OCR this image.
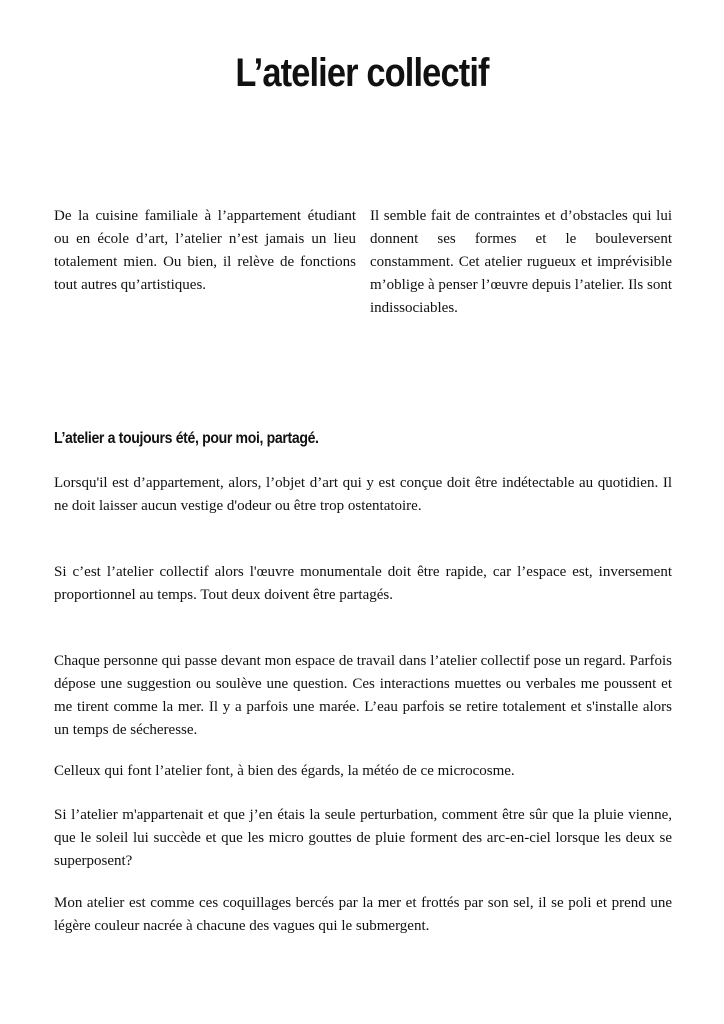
L’atelier collectif

De la cuisine familiale à l’appartement étudiant ou en école d’art, l’atelier n’est jamais un lieu totalement mien. Ou bien, il relève de fonctions tout autres qu’artistiques.

Il semble fait de contraintes et d’obstacles qui lui donnent ses formes et le bouleversent constamment. Cet atelier rugueux et imprévisible m’oblige à penser l’œuvre depuis l’atelier. Ils sont indissociables.

L’atelier a toujours été, pour moi, partagé.

Lorsqu'il est d’appartement, alors, l’objet d’art qui y est conçue doit être indétectable au quotidien. Il ne doit laisser aucun vestige d'odeur ou être trop ostentatoire.

Si c’est l’atelier collectif alors l'œuvre monumentale doit être rapide, car l’espace est, inversement proportionnel au temps. Tout deux doivent être partagés.

Chaque personne qui passe devant mon espace de travail dans l’atelier collectif pose un regard. Parfois dépose une suggestion ou soulève une question. Ces interactions muettes ou verbales me poussent et me tirent comme la mer. Il y a parfois une marée. L’eau parfois se retire totalement et s'installe alors un temps de sécheresse.

Celleux qui font l’atelier font, à bien des égards, la météo de ce microcosme.

Si l’atelier m'appartenait et que j’en étais la seule perturbation, comment être sûr que la pluie vienne, que le soleil lui succède et que les micro gouttes de pluie forment des arc-en-ciel lorsque les deux se superposent?

Mon atelier est comme ces coquillages bercés par la mer et frottés par son sel, il se poli et prend une légère couleur nacrée à chacune des vagues qui le submergent.
